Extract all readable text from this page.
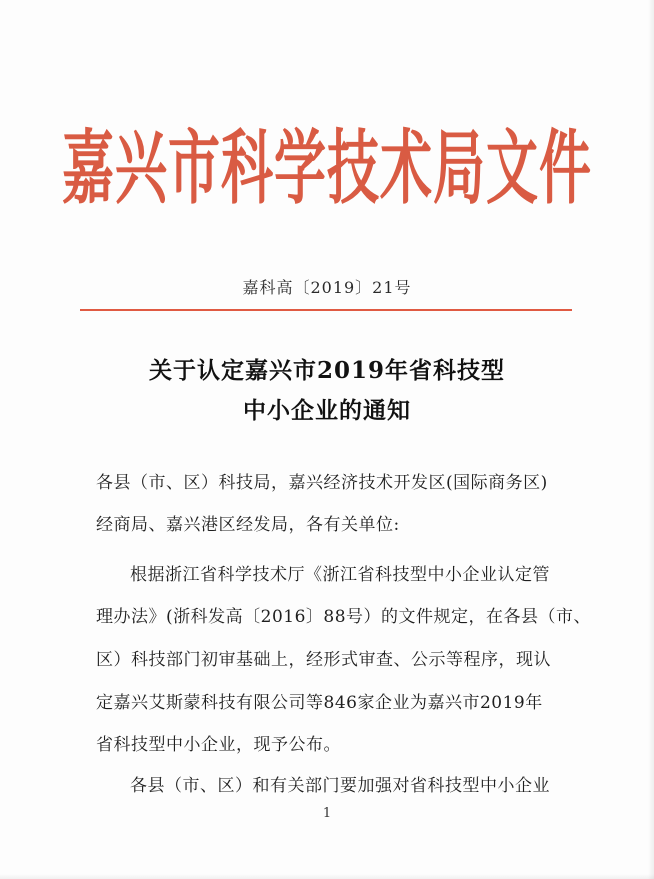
嘉兴市科学技术局文件
嘉科高〔2019〕21号
关于认定嘉兴市2019年省科技型
中小企业的通知
各县（市、区）科技局，嘉兴经济技术开发区(国际商务区)
经商局、嘉兴港区经发局，各有关单位:
根据浙江省科学技术厅《浙江省科技型中小企业认定管
理办法》(浙科发高〔2016〕88号）的文件规定，在各县（市、
区）科技部门初审基础上，经形式审查、公示等程序，现认
定嘉兴艾斯蒙科技有限公司等846家企业为嘉兴市2019年
省科技型中小企业，现予公布。
各县（市、区）和有关部门要加强对省科技型中小企业
1
